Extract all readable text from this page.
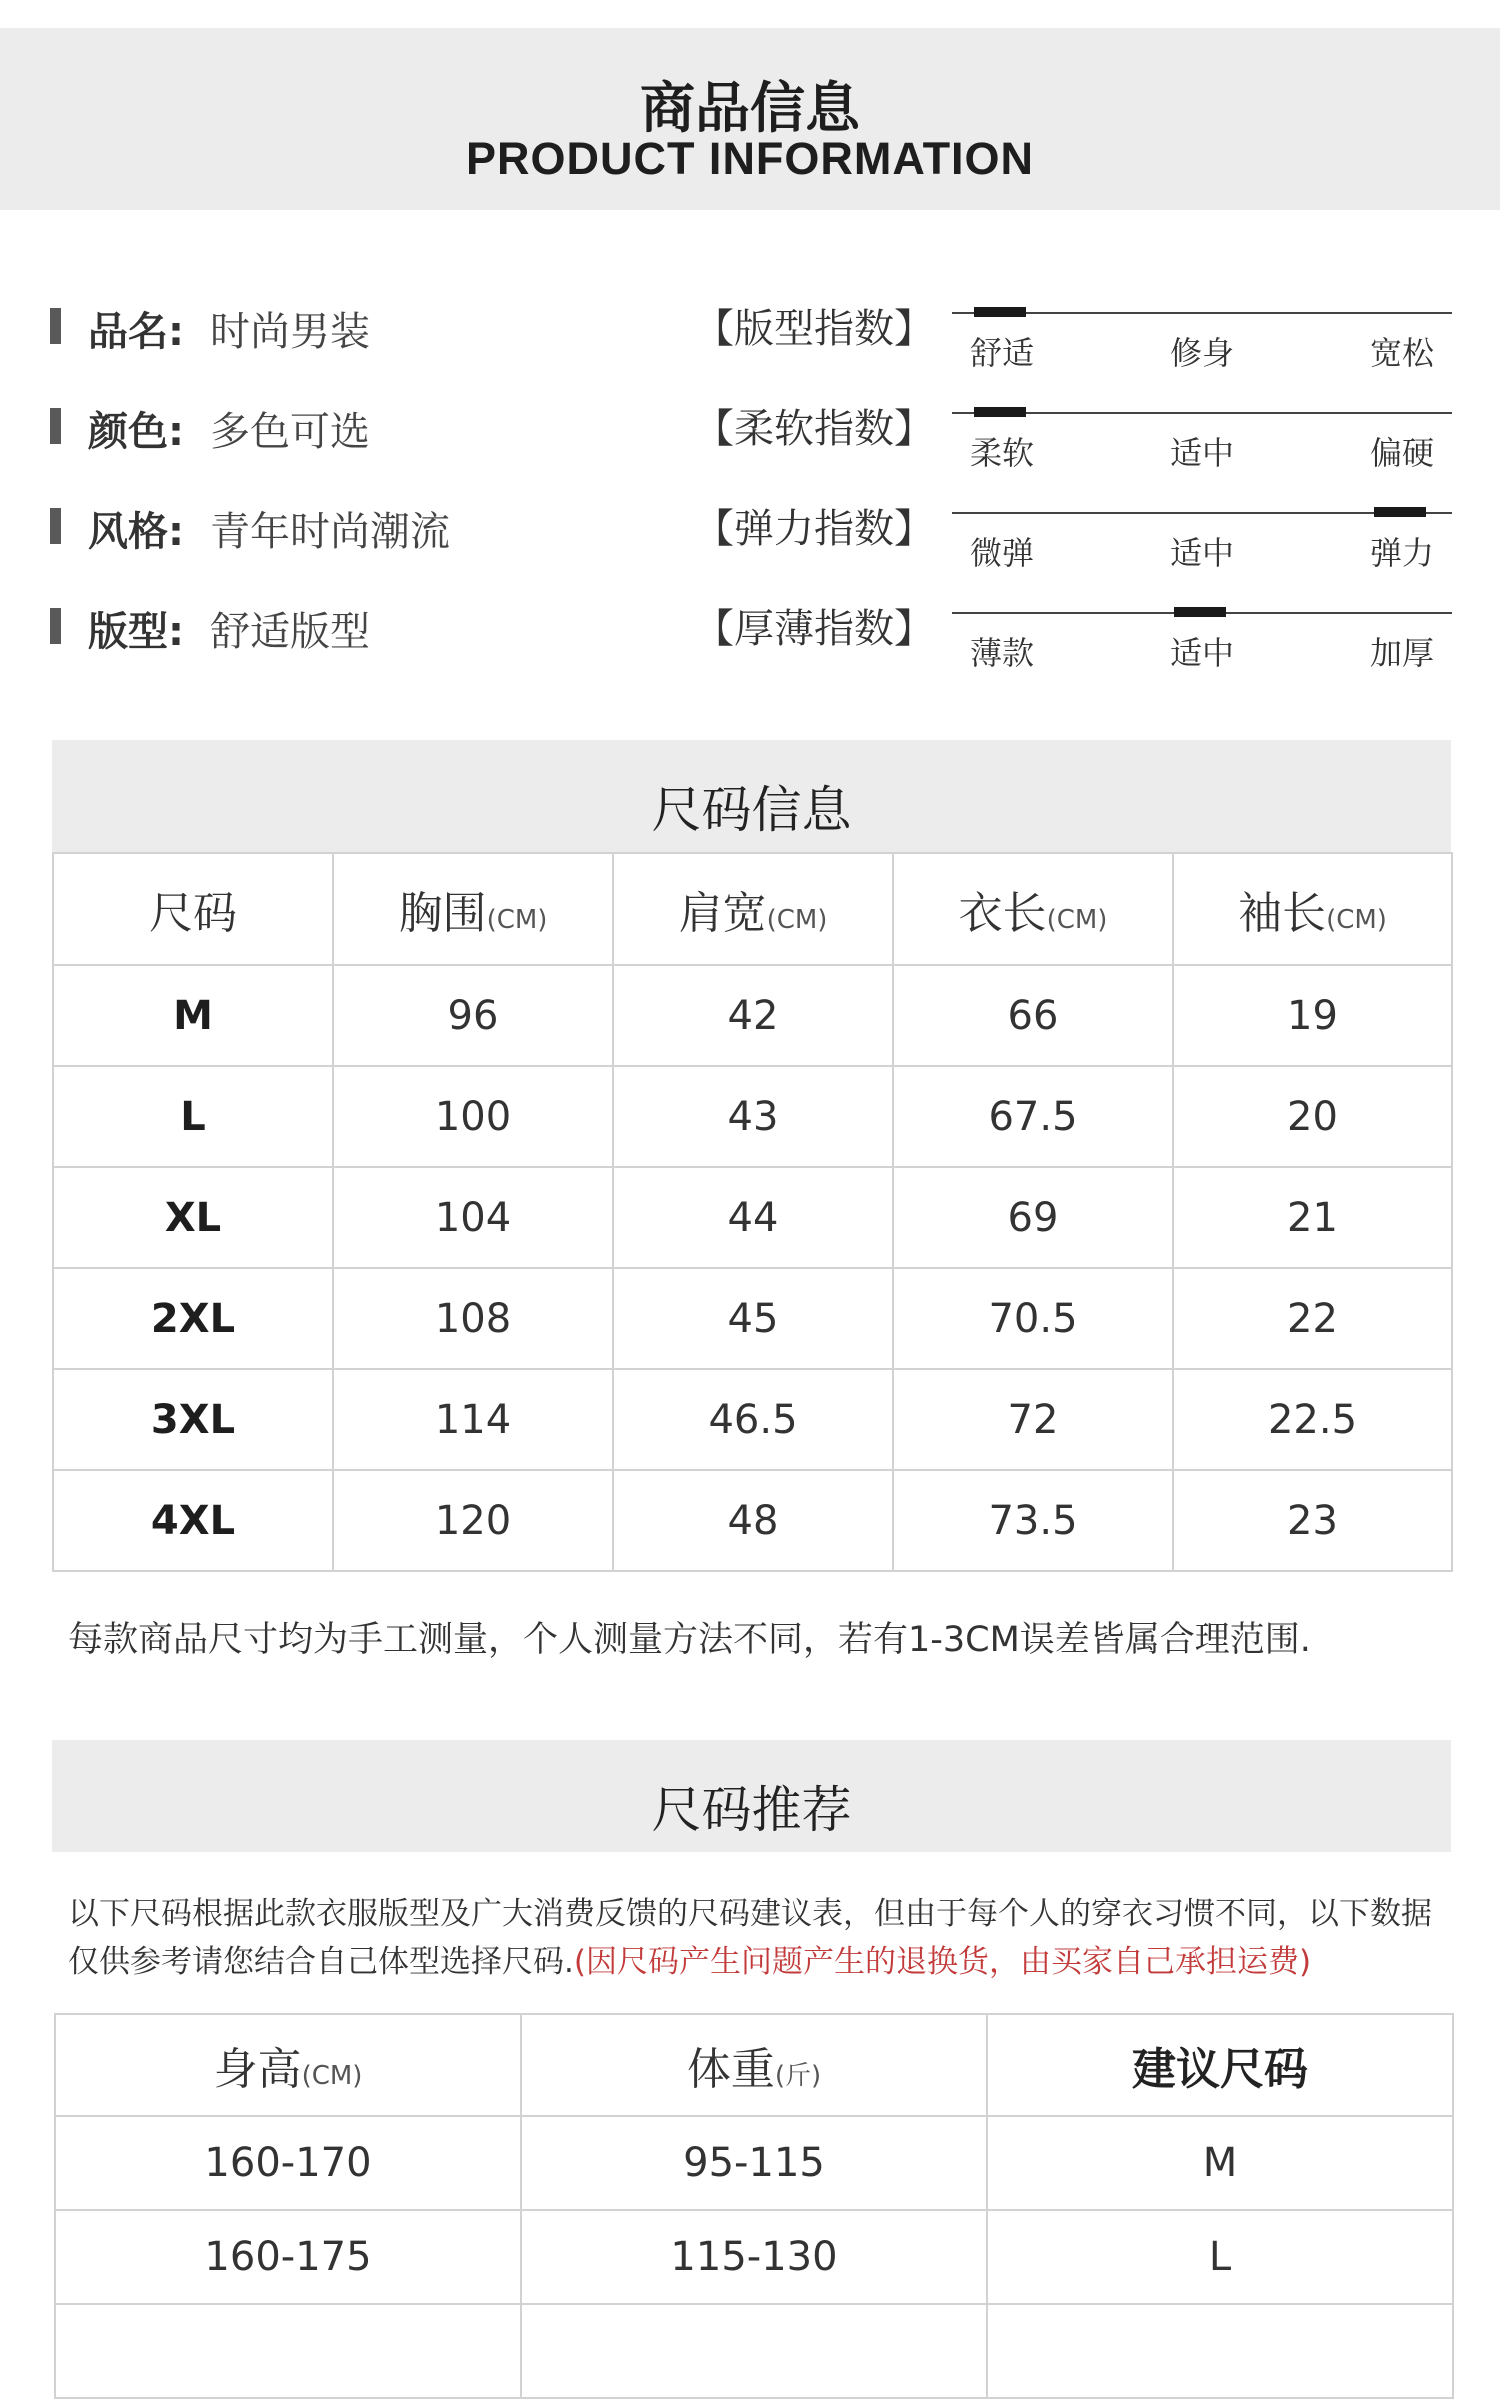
商品信息
PRODUCT INFORMATION
品名: 时尚男装
颜色: 多色可选
风格: 青年时尚潮流
版型: 舒适版型
【版型指数】
舒适	修身	宽松
【柔软指数】
柔软	适中	偏硬
【弹力指数】
微弹	适中	弹力
【厚薄指数】
薄款	适中	加厚
尺码信息
尺码	胸围(CM)	肩宽(CM)	衣长(CM)	袖长(CM)
M	96	42	66	19
L	100	43	67.5	20
XL	104	44	69	21
2XL	108	45	70.5	22
3XL	114	46.5	72	22.5
4XL	120	48	73.5	23
每款商品尺寸均为手工测量，个人测量方法不同，若有1-3CM误差皆属合理范围.
尺码推荐
以下尺码根据此款衣服版型及广大消费反馈的尺码建议表，但由于每个人的穿衣习惯不同，以下数据仅供参考请您结合自己体型选择尺码.(因尺码产生问题产生的退换货，由买家自己承担运费)
身高(CM)	体重(斤)	建议尺码
160-170	95-115	M
160-175	115-130	L
